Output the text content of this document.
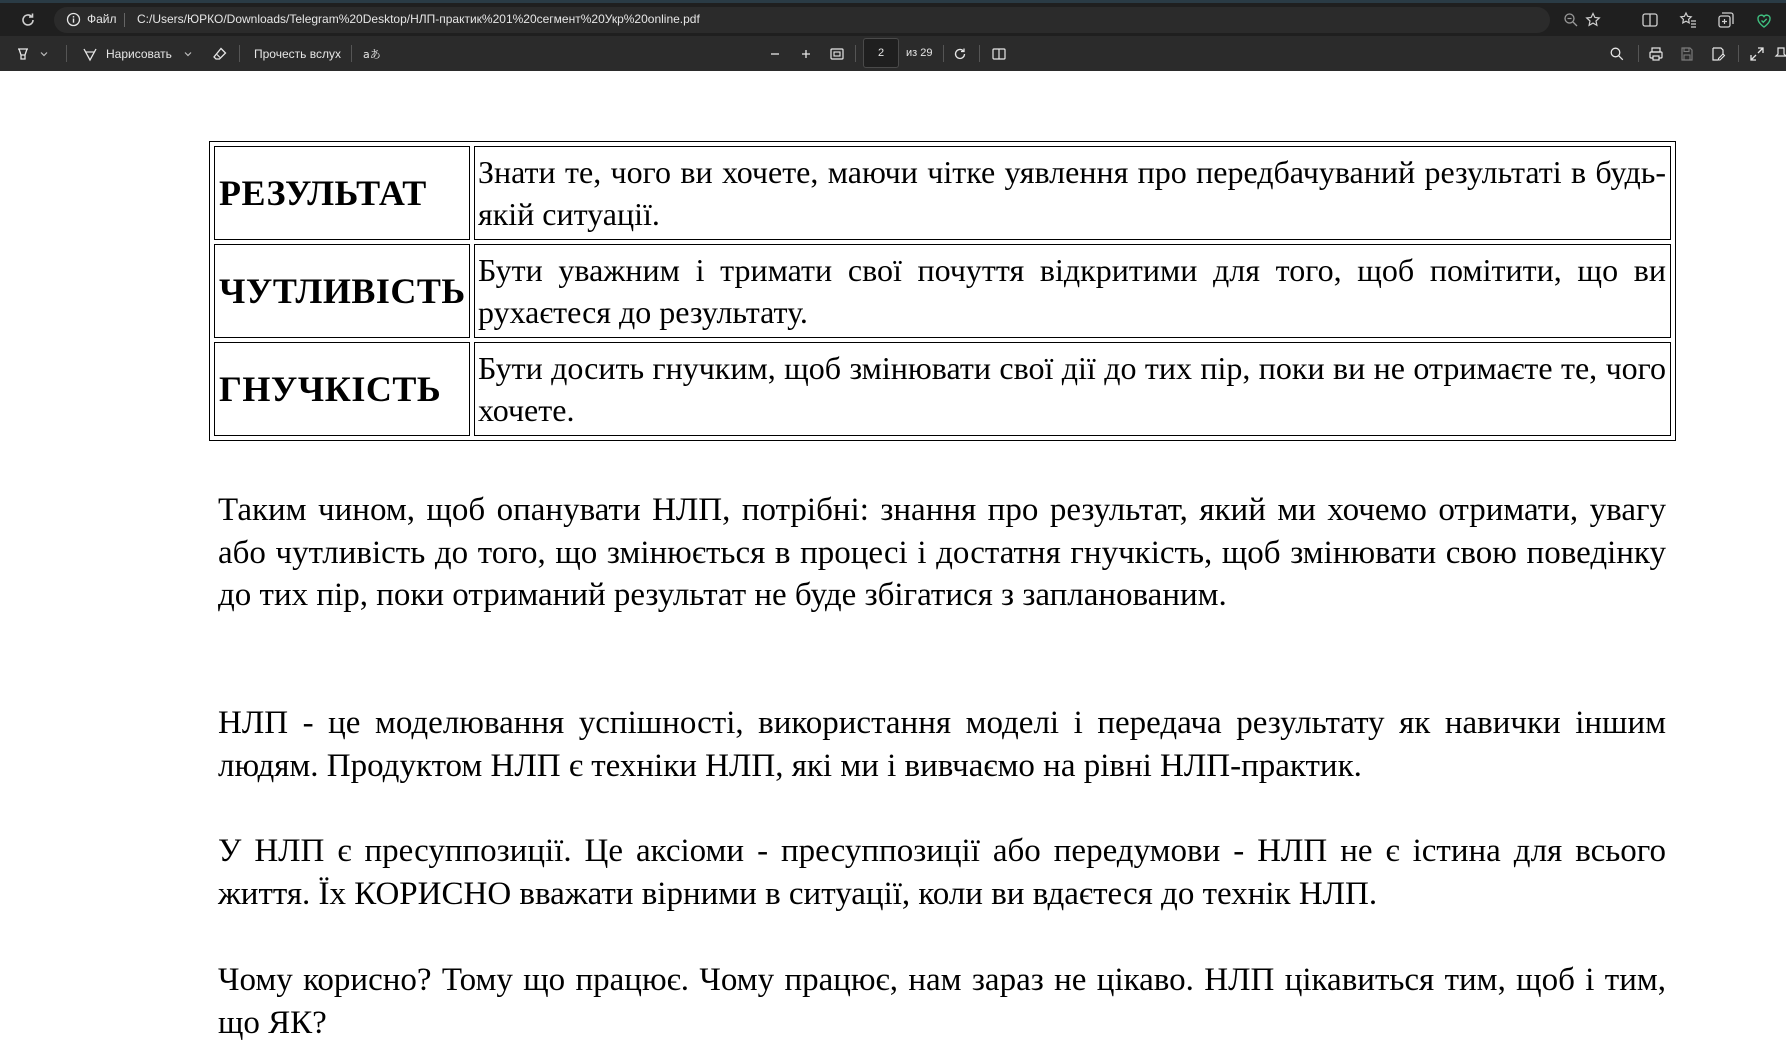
Файл C:/Users/ЮРКО/Downloads/Telegram%20Desktop/НЛП-практик%201%20сегмент%20Укр%20online.pdf
Нарисовать	Прочесть вслух aあ	2	из 29
РЕЗУЛЬТАТ	Знати те, чого ви хочете, маючи чітке уявлення про передбачуваний результаті в будь-якій ситуації.
ЧУТЛИВІСТЬ	Бути уважним і тримати свої почуття відкритими для того, щоб помітити, що ви рухаєтеся до результату.
ГНУЧКІСТЬ	Бути досить гнучким, щоб змінювати свої дії до тих пір, поки ви не отримаєте те, чого хочете.

Таким чином, щоб опанувати НЛП, потрібні: знання про результат, який ми хочемо отримати, увагу або чутливість до того, що змінюється в процесі і достатня гнучкість, щоб змінювати свою поведінку до тих пір, поки отриманий результат не буде збігатися з запланованим.

НЛП - це моделювання успішності, використання моделі і передача результату як навички іншим людям. Продуктом НЛП є техніки НЛП, які ми і вивчаємо на рівні НЛП-практик.

У НЛП є пресуппозиції. Це аксіоми - пресуппозиції або передумови - НЛП не є істина для всього життя. Їх КОРИСНО вважати вірними в ситуації, коли ви вдаєтеся до технік НЛП.

Чому корисно? Тому що працює. Чому працює, нам зараз не цікаво. НЛП цікавиться тим, щоб і тим, що ЯК?
